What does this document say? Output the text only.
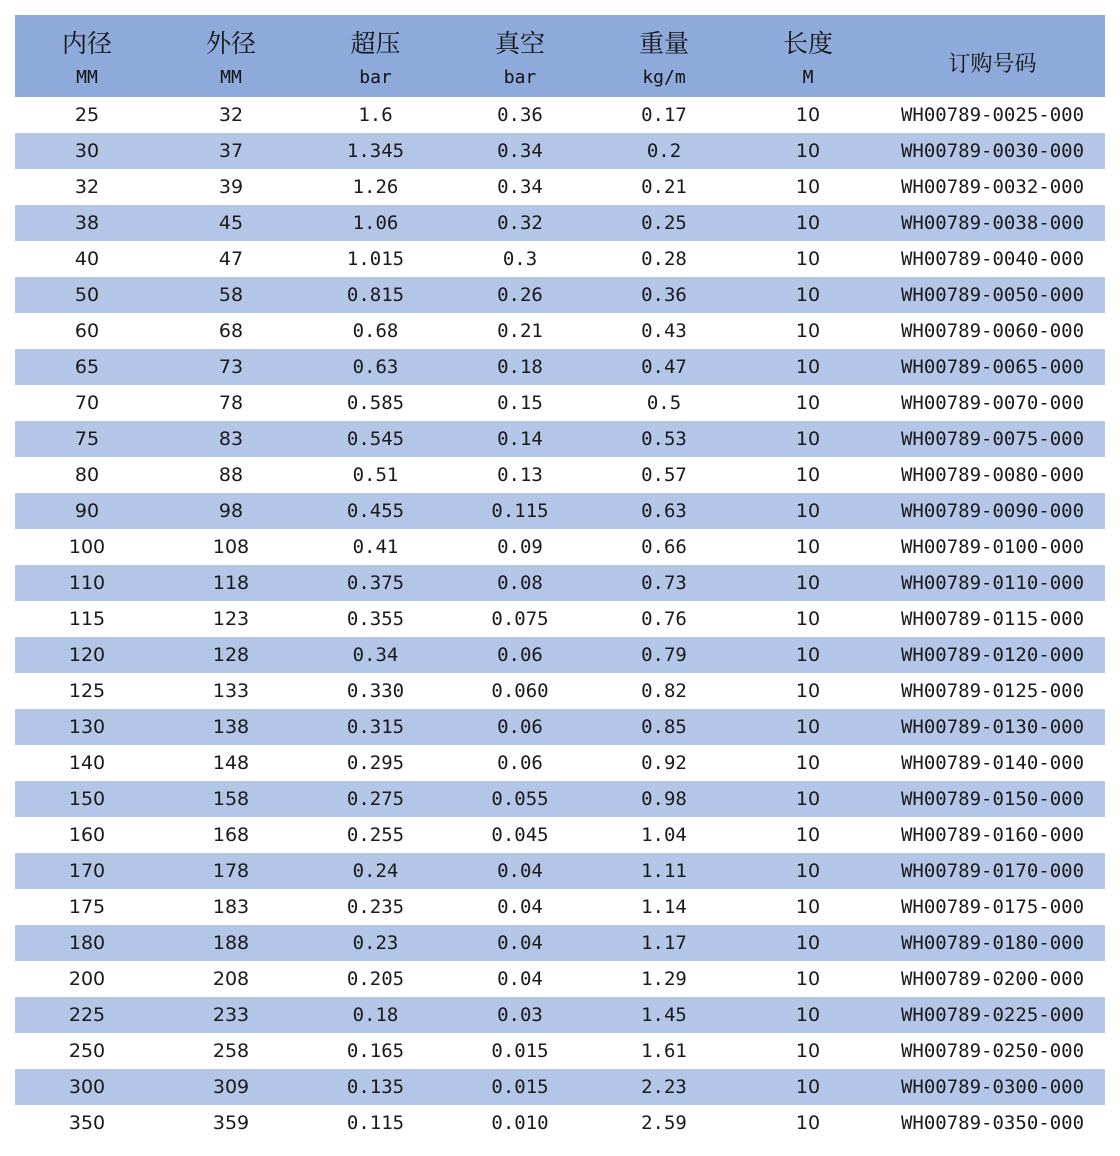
内径	外径	超压	真空	重量	长度	订购号码
MM	MM	bar	bar	kg/m	M	
25	32	1.6	0.36	0.17	10	WH00789-0025-000
30	37	1.345	0.34	0.2	10	WH00789-0030-000
32	39	1.26	0.34	0.21	10	WH00789-0032-000
38	45	1.06	0.32	0.25	10	WH00789-0038-000
40	47	1.015	0.3	0.28	10	WH00789-0040-000
50	58	0.815	0.26	0.36	10	WH00789-0050-000
60	68	0.68	0.21	0.43	10	WH00789-0060-000
65	73	0.63	0.18	0.47	10	WH00789-0065-000
70	78	0.585	0.15	0.5	10	WH00789-0070-000
75	83	0.545	0.14	0.53	10	WH00789-0075-000
80	88	0.51	0.13	0.57	10	WH00789-0080-000
90	98	0.455	0.115	0.63	10	WH00789-0090-000
100	108	0.41	0.09	0.66	10	WH00789-0100-000
110	118	0.375	0.08	0.73	10	WH00789-0110-000
115	123	0.355	0.075	0.76	10	WH00789-0115-000
120	128	0.34	0.06	0.79	10	WH00789-0120-000
125	133	0.330	0.060	0.82	10	WH00789-0125-000
130	138	0.315	0.06	0.85	10	WH00789-0130-000
140	148	0.295	0.06	0.92	10	WH00789-0140-000
150	158	0.275	0.055	0.98	10	WH00789-0150-000
160	168	0.255	0.045	1.04	10	WH00789-0160-000
170	178	0.24	0.04	1.11	10	WH00789-0170-000
175	183	0.235	0.04	1.14	10	WH00789-0175-000
180	188	0.23	0.04	1.17	10	WH00789-0180-000
200	208	0.205	0.04	1.29	10	WH00789-0200-000
225	233	0.18	0.03	1.45	10	WH00789-0225-000
250	258	0.165	0.015	1.61	10	WH00789-0250-000
300	309	0.135	0.015	2.23	10	WH00789-0300-000
350	359	0.115	0.010	2.59	10	WH00789-0350-000
